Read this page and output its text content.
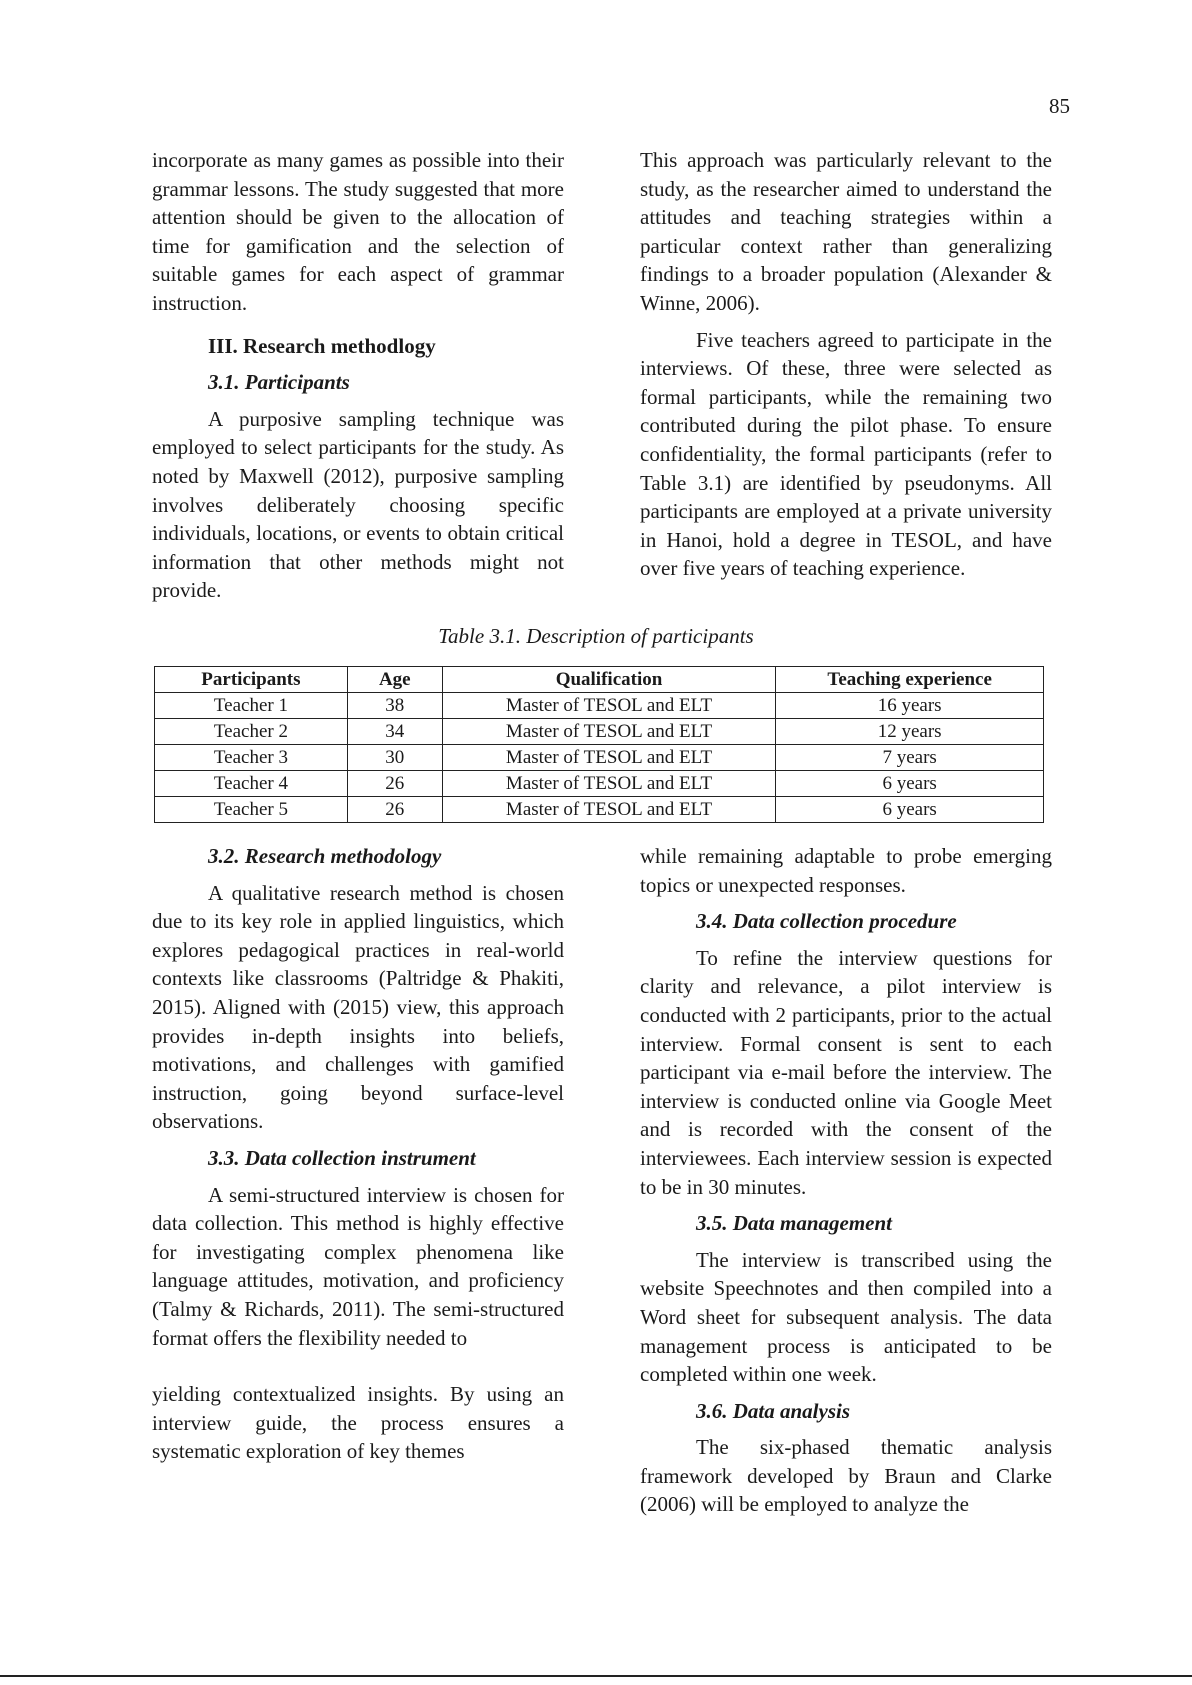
85

incorporate as many games as possible into their grammar lessons. The study suggested that more attention should be given to the allocation of time for gamification and the selection of suitable games for each aspect of grammar instruction.

III. Research methodlogy
3.1. Participants

A purposive sampling technique was employed to select participants for the study. As noted by Maxwell (2012), purposive sampling involves deliberately choosing specific individuals, locations, or events to obtain critical information that other methods might not provide.

This approach was particularly relevant to the study, as the researcher aimed to understand the attitudes and teaching strategies within a particular context rather than generalizing findings to a broader population (Alexander & Winne, 2006).

Five teachers agreed to participate in the interviews. Of these, three were selected as formal participants, while the remaining two contributed during the pilot phase. To ensure confidentiality, the formal participants (refer to Table 3.1) are identified by pseudonyms. All participants are employed at a private university in Hanoi, hold a degree in TESOL, and have over five years of teaching experience.

Table 3.1. Description of participants
Participants	Age	Qualification	Teaching experience
Teacher 1	38	Master of TESOL and ELT	16 years
Teacher 2	34	Master of TESOL and ELT	12 years
Teacher 3	30	Master of TESOL and ELT	7 years
Teacher 4	26	Master of TESOL and ELT	6 years
Teacher 5	26	Master of TESOL and ELT	6 years
3.2. Research methodology

A qualitative research method is chosen due to its key role in applied linguistics, which explores pedagogical practices in real-world contexts like classrooms (Paltridge & Phakiti, 2015). Aligned with (2015) view, this approach provides in-depth insights into beliefs, motivations, and challenges with gamified instruction, going beyond surface-level observations.

3.3. Data collection instrument

A semi-structured interview is chosen for data collection. This method is highly effective for investigating complex phenomena like language attitudes, motivation, and proficiency (Talmy & Richards, 2011). The semi-structured format offers the flexibility needed to

yielding contextualized insights. By using an interview guide, the process ensures a systematic exploration of key themes

while remaining adaptable to probe emerging topics or unexpected responses.

3.4. Data collection procedure

To refine the interview questions for clarity and relevance, a pilot interview is conducted with 2 participants, prior to the actual interview. Formal consent is sent to each participant via e-mail before the interview. The interview is conducted online via Google Meet and is recorded with the consent of the interviewees. Each interview session is expected to be in 30 minutes.

3.5. Data management

The interview is transcribed using the website Speechnotes and then compiled into a Word sheet for subsequent analysis. The data management process is anticipated to be completed within one week.

3.6. Data analysis

The six-phased thematic analysis framework developed by Braun and Clarke (2006) will be employed to analyze the
